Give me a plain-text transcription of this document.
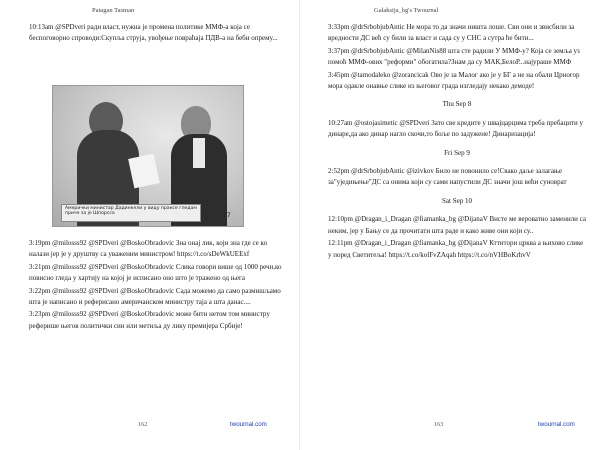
Patagan Tasman

10:13am @SPDveri ради власт, нужна је промена политике ММФ-а која се беспоговорно спроводи:Скупља струја, увођење повраћаја ПДВ-а на беби опрему...

Амерички министар Дадинкели у виду праксе гледам приче за је Шпорсса	17

3:19pm @milosss92 @SPDveri @BoskoObradovic Зна онај лик, који зна где се ко налази јер је у друштву са уваженим министром! https://t.co/sDeWkUEExf

3:21pm @milosss92 @SPDveri @BoskoObradovic Слика говори више од 1000 речи,ко повисно гледа у хартију на којој је исписано оно што је тражено од њега

3:22pm @milosss92 @SPDveri @BoskoObradovic Сада можемо да само размишљамо шта је написано и реферисано америчанском министру таја а шта данас....

3:23pm @milosss92 @SPDveri @BoskoObradovic може бити нетом том министру реферише његов политички син или метиља ду лику премијера Србије!

162	twournal.com
Galaksija_bg's Twournal

3:33pm @drSrbobjubAntic Не мора то да значи ништа лоше. Сви они и звисбили за вредности ДС већ су били за власт и сада су у СНС а сутра ће бити...

3:37pm @drSrbobjubAntic @MilanNis88 шта сте радили У ММФ-у? Која се земља уз помоћ ММФ-ових "реформи" обогатила?Знам да су МАК,БелоР...најураше ММФ

3:45pm @tamodaleko @zorancicak Ово је за Малог ако је у БГ а не на обали Црногор мора одакле онавње слике из његовог града изгледају некако демоде!

Thu Sep 8

10:27am @ostojasimetic @SPDveri Зато све кредите у швајцарцима треба пребацити у динаре,да ако динар нагло скочи,то боље по задужене! Динаризација!

Fri Sep 9

2:52pm @drSrbobjubAntic @izivkov Било не повонило се!Свако даље залагање за"уједињење"ДС са онима који су сами напустили ДС значи још већи суноврат

Sat Sep 10

12:10pm @Dragan_i_Dragan @fiamanka_bg @DijanaV Висте ме вероватно заменили са неким, јер у Бању се да прочитати шта раде и како живе они који су..

12:11pm @Dragan_i_Dragan @fiamanka_bg @DijanaV Кттитори црква а њихово слике у поред Светитеља! https://t.co/kolFvZAqah https://t.co/nVHBoKrhvV

163	twournal.com
